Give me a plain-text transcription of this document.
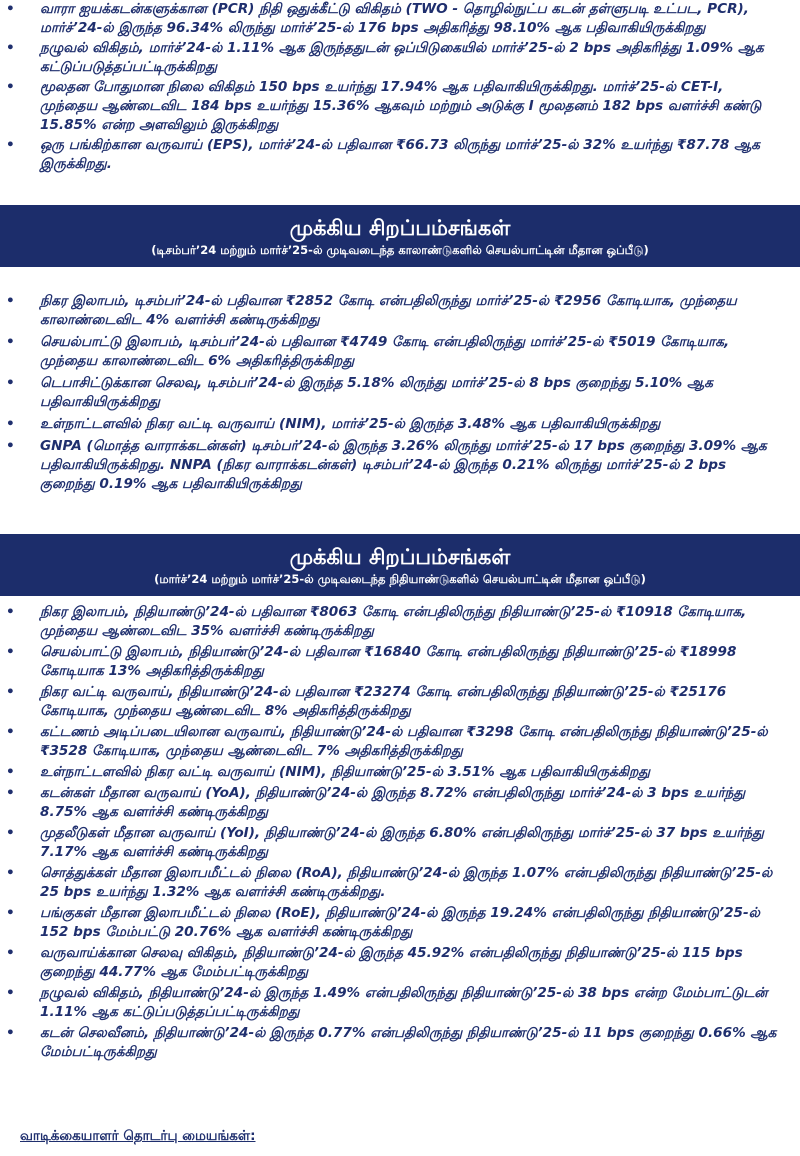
• வாரா ஐயக்கடன்களுக்கான (PCR) நிதி ஒதுக்கீட்டு விகிதம் (TWO - தொழில்நுட்ப கடன் தள்ளுபடி உட்பட, PCR), மார்ச்’24-ல் இருந்த 96.34% லிருந்து மார்ச்’25-ல் 176 bps அதிகரித்து 98.10% ஆக பதிவாகியிருக்கிறது
• நழுவல் விகிதம், மார்ச்’24-ல் 1.11% ஆக இருந்ததுடன் ஒப்பிடுகையில் மார்ச்’25-ல் 2 bps அதிகரித்து 1.09% ஆக கட்டுப்படுத்தப்பட்டிருக்கிறது
• மூலதன போதுமான நிலை விகிதம் 150 bps உயர்ந்து 17.94% ஆக பதிவாகியிருக்கிறது. மார்ச்’25-ல் CET-I, முந்தைய ஆண்டைவிட 184 bps உயர்ந்து 15.36% ஆகவும் மற்றும் அடுக்கு I மூலதனம் 182 bps வளர்ச்சி கண்டு 15.85% என்ற அளவிலும் இருக்கிறது
• ஒரு பங்கிற்கான வருவாய் (EPS), மார்ச்’24-ல் பதிவான ₹66.73 லிருந்து மார்ச்’25-ல் 32% உயர்ந்து ₹87.78 ஆக இருக்கிறது.
முக்கிய சிறப்பம்சங்கள்
(டிசம்பர்’24 மற்றும் மார்ச்’25-ல் முடிவடைந்த காலாண்டுகளில் செயல்பாட்டின் மீதான ஒப்பீடு)
• நிகர இலாபம், டிசம்பர்’24-ல் பதிவான ₹2852 கோடி என்பதிலிருந்து மார்ச்’25-ல் ₹2956 கோடியாக, முந்தைய காலாண்டைவிட 4% வளர்ச்சி கண்டிருக்கிறது
• செயல்பாட்டு இலாபம், டிசம்பர்’24-ல் பதிவான ₹4749 கோடி என்பதிலிருந்து மார்ச்’25-ல் ₹5019 கோடியாக, முந்தைய காலாண்டைவிட 6% அதிகரித்திருக்கிறது
• டெபாசிட்டுக்கான செலவு, டிசம்பர்’24-ல் இருந்த 5.18% லிருந்து மார்ச்’25-ல் 8 bps குறைந்து 5.10% ஆக பதிவாகியிருக்கிறது
• உள்நாட்டளவில் நிகர வட்டி வருவாய் (NIM), மார்ச்’25-ல் இருந்த 3.48% ஆக பதிவாகியிருக்கிறது
• GNPA (மொத்த வாராக்கடன்கள்) டிசம்பர்’24-ல் இருந்த 3.26% லிருந்து மார்ச்’25-ல் 17 bps குறைந்து 3.09% ஆக பதிவாகியிருக்கிறது. NNPA (நிகர வாராக்கடன்கள்) டிசம்பர்’24-ல் இருந்த 0.21% லிருந்து மார்ச்’25-ல் 2 bps குறைந்து 0.19% ஆக பதிவாகியிருக்கிறது
முக்கிய சிறப்பம்சங்கள்
(மார்ச்’24 மற்றும் மார்ச்’25-ல் முடிவடைந்த நிதியாண்டுகளில் செயல்பாட்டின் மீதான ஒப்பீடு)
• நிகர இலாபம், நிதியாண்டு’24-ல் பதிவான ₹8063 கோடி என்பதிலிருந்து நிதியாண்டு’25-ல் ₹10918 கோடியாக, முந்தைய ஆண்டைவிட 35% வளர்ச்சி கண்டிருக்கிறது
• செயல்பாட்டு இலாபம், நிதியாண்டு’24-ல் பதிவான ₹16840 கோடி என்பதிலிருந்து நிதியாண்டு’25-ல் ₹18998 கோடியாக 13% அதிகரித்திருக்கிறது
• நிகர வட்டி வருவாய், நிதியாண்டு’24-ல் பதிவான ₹23274 கோடி என்பதிலிருந்து நிதியாண்டு’25-ல் ₹25176 கோடியாக, முந்தைய ஆண்டைவிட 8% அதிகரித்திருக்கிறது
• கட்டணம் அடிப்படையிலான வருவாய், நிதியாண்டு’24-ல் பதிவான ₹3298 கோடி என்பதிலிருந்து நிதியாண்டு’25-ல் ₹3528 கோடியாக, முந்தைய ஆண்டைவிட 7% அதிகரித்திருக்கிறது
• உள்நாட்டளவில் நிகர வட்டி வருவாய் (NIM), நிதியாண்டு’25-ல் 3.51% ஆக பதிவாகியிருக்கிறது
• கடன்கள் மீதான வருவாய் (YoA), நிதியாண்டு’24-ல் இருந்த 8.72% என்பதிலிருந்து மார்ச்’24-ல் 3 bps உயர்ந்து 8.75% ஆக வளர்ச்சி கண்டிருக்கிறது
• முதலீடுகள் மீதான வருவாய் (YoI), நிதியாண்டு’24-ல் இருந்த 6.80% என்பதிலிருந்து மார்ச்’25-ல் 37 bps உயர்ந்து 7.17% ஆக வளர்ச்சி கண்டிருக்கிறது
• சொத்துக்கள் மீதான இலாபமீட்டல் நிலை (RoA), நிதியாண்டு’24-ல் இருந்த 1.07% என்பதிலிருந்து நிதியாண்டு’25-ல் 25 bps உயர்ந்து 1.32% ஆக வளர்ச்சி கண்டிருக்கிறது.
• பங்குகள் மீதான இலாபமீட்டல் நிலை (RoE), நிதியாண்டு’24-ல் இருந்த 19.24% என்பதிலிருந்து நிதியாண்டு’25-ல் 152 bps மேம்பட்டு 20.76% ஆக வளர்ச்சி கண்டிருக்கிறது
• வருவாய்க்கான செலவு விகிதம், நிதியாண்டு’24-ல் இருந்த 45.92% என்பதிலிருந்து நிதியாண்டு’25-ல் 115 bps குறைந்து 44.77% ஆக மேம்பட்டிருக்கிறது
• நழுவல் விகிதம், நிதியாண்டு’24-ல் இருந்த 1.49% என்பதிலிருந்து நிதியாண்டு’25-ல் 38 bps என்ற மேம்பாட்டுடன் 1.11% ஆக கட்டுப்படுத்தப்பட்டிருக்கிறது
• கடன் செலவீனம், நிதியாண்டு’24-ல் இருந்த 0.77% என்பதிலிருந்து நிதியாண்டு’25-ல் 11 bps குறைந்து 0.66% ஆக மேம்பட்டிருக்கிறது
வாடிக்கையாளர் தொடர்பு மையங்கள்:
